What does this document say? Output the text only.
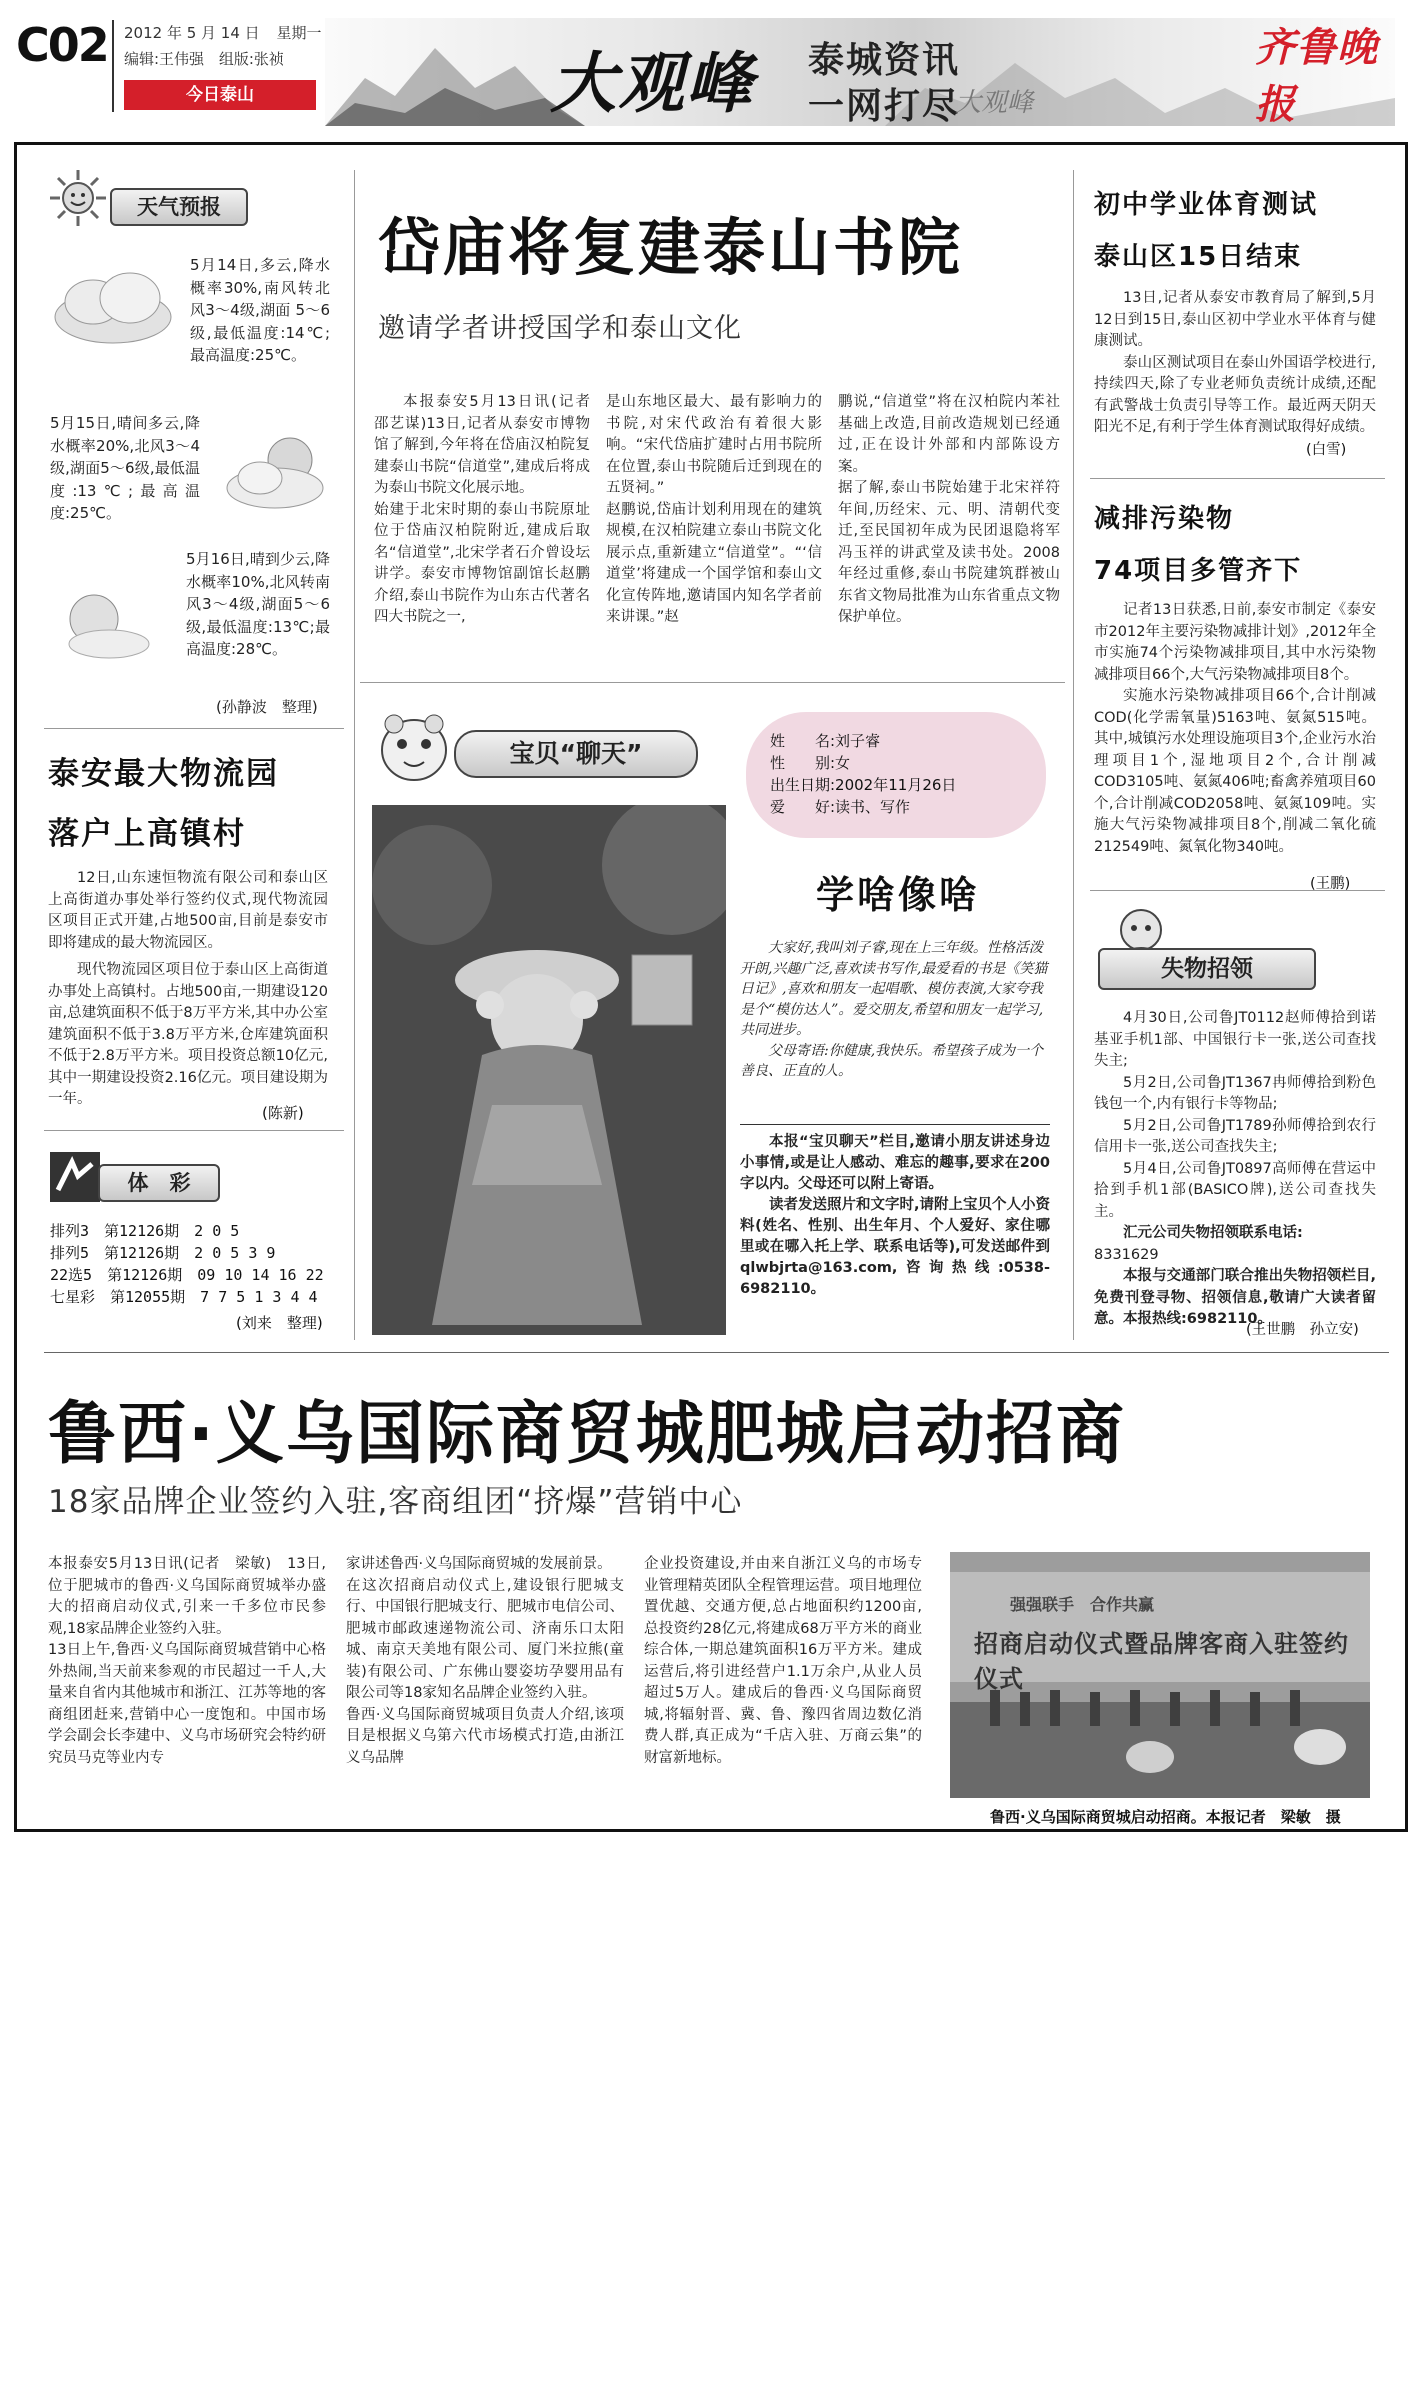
C02 2012 年 5 月 14 日 星期一
编辑:王伟强 组版:张祯
今日泰山	大观峰 泰城资讯
一网打尽
大观峰
齐鲁晚报
天气预报
5月14日,多云,降水概率30%,南风转北风3～4级,湖面 5～6级,最低温度:14℃;最高温度:25℃。
5月15日,晴间多云,降水概率20%,北风3～4级,湖面5～6级,最低温度:13℃;最高温度:25℃。
5月16日,晴到少云,降水概率10%,北风转南风3～4级,湖面5～6级,最低温度:13℃;最高温度:28℃。
(孙静波　整理)
泰安最大物流园
落户上高镇村

12日,山东速恒物流有限公司和泰山区上高街道办事处举行签约仪式,现代物流园区项目正式开建,占地500亩,目前是泰安市即将建成的最大物流园区。

现代物流园区项目位于泰山区上高街道办事处上高镇村。占地500亩,一期建设120亩,总建筑面积不低于8万平方米,其中办公室建筑面积不低于3.8万平方米,仓库建筑面积不低于2.8万平方米。项目投资总额10亿元,其中一期建设投资2.16亿元。项目建设期为一年。

(陈新)
体　彩
排列3　第12126期　2 0 5
排列5　第12126期　2 0 5 3 9
22选5　第12126期　09 10 14 16 22
七星彩　第12055期　7 7 5 1 3 4 4
(刘来　整理)
岱庙将复建泰山书院
邀请学者讲授国学和泰山文化
本报泰安5月13日讯(记者　邵艺谋)13日,记者从泰安市博物馆了解到,今年将在岱庙汉柏院复建泰山书院“信道堂”,建成后将成为泰山书院文化展示地。
始建于北宋时期的泰山书院原址位于岱庙汉柏院附近,建成后取名“信道堂”,北宋学者石介曾设坛讲学。泰安市博物馆副馆长赵鹏介绍,泰山书院作为山东古代著名四大书院之一,
是山东地区最大、最有影响力的书院,对宋代政治有着很大影响。“宋代岱庙扩建时占用书院所在位置,泰山书院随后迁到现在的五贤祠。”
赵鹏说,岱庙计划利用现在的建筑规模,在汉柏院建立泰山书院文化展示点,重新建立“信道堂”。“‘信道堂’将建成一个国学馆和泰山文化宣传阵地,邀请国内知名学者前来讲课。”赵
鹏说,“信道堂”将在汉柏院内苯社基础上改造,目前改造规划已经通过,正在设计外部和内部陈设方案。
据了解,泰山书院始建于北宋祥符年间,历经宋、元、明、清朝代变迁,至民国初年成为民团退隐将军冯玉祥的讲武堂及读书处。2008年经过重修,泰山书院建筑群被山东省文物局批准为山东省重点文物保护单位。
宝贝“聊天”	姓　　名:刘子睿
性　　别:女
出生日期:2002年11月26日
爱　　好:读书、写作
学啥像啥

大家好,我叫刘子睿,现在上三年级。性格活泼开朗,兴趣广泛,喜欢读书写作,最爱看的书是《笑猫日记》,喜欢和朋友一起唱歌、模仿表演,大家夸我是个“模仿达人”。爱交朋友,希望和朋友一起学习,共同进步。

父母寄语:你健康,我快乐。希望孩子成为一个善良、正直的人。

本报“宝贝聊天”栏目,邀请小朋友讲述身边小事情,或是让人感动、难忘的趣事,要求在200字以内。父母还可以附上寄语。

读者发送照片和文字时,请附上宝贝个人小资料(姓名、性别、出生年月、个人爱好、家住哪里或在哪入托上学、联系电话等),可发送邮件到qlwbjrta@163.com,咨询热线:0538-6982110。

初中学业体育测试
泰山区15日结束

13日,记者从泰安市教育局了解到,5月12日到15日,泰山区初中学业水平体育与健康测试。

泰山区测试项目在泰山外国语学校进行,持续四天,除了专业老师负责统计成绩,还配有武警战士负责引导等工作。最近两天阴天阳光不足,有利于学生体育测试取得好成绩。

(白雪)
减排污染物
74项目多管齐下

记者13日获悉,日前,泰安市制定《泰安市2012年主要污染物减排计划》,2012年全市实施74个污染物减排项目,其中水污染物减排项目66个,大气污染物减排项目8个。

实施水污染物减排项目66个,合计削减COD(化学需氧量)5163吨、氨氮515吨。其中,城镇污水处理设施项目3个,企业污水治理项目1个,湿地项目2个,合计削减COD3105吨、氨氮406吨;畜禽养殖项目60个,合计削减COD2058吨、氨氮109吨。实施大气污染物减排项目8个,削减二氧化硫212549吨、氮氧化物340吨。

(王鹏)
失物招领

4月30日,公司鲁JT0112赵师傅拾到诺基亚手机1部、中国银行卡一张,送公司查找失主;

5月2日,公司鲁JT1367冉师傅拾到粉色钱包一个,内有银行卡等物品;

5月2日,公司鲁JT1789孙师傅拾到农行信用卡一张,送公司查找失主;

5月4日,公司鲁JT0897高师傅在营运中拾到手机1部(BASICO牌),送公司查找失主。

汇元公司失物招领联系电话:

8331629

本报与交通部门联合推出失物招领栏目,免费刊登寻物、招领信息,敬请广大读者留意。本报热线:6982110。

(王世鹏　孙立安)
鲁西·义乌国际商贸城肥城启动招商
18家品牌企业签约入驻,客商组团“挤爆”营销中心
本报泰安5月13日讯(记者　梁敏)　13日,位于肥城市的鲁西·义乌国际商贸城举办盛大的招商启动仪式,引来一千多位市民参观,18家品牌企业签约入驻。
13日上午,鲁西·义乌国际商贸城营销中心格外热闹,当天前来参观的市民超过一千人,大量来自省内其他城市和浙江、江苏等地的客商组团赶来,营销中心一度饱和。中国市场学会副会长李建中、义乌市场研究会特约研究员马克等业内专
家讲述鲁西·义乌国际商贸城的发展前景。
在这次招商启动仪式上,建设银行肥城支行、中国银行肥城支行、肥城市电信公司、肥城市邮政速递物流公司、济南乐口太阳城、南京天美地有限公司、厦门米拉熊(童装)有限公司、广东佛山婴姿坊孕婴用品有限公司等18家知名品牌企业签约入驻。
鲁西·义乌国际商贸城项目负责人介绍,该项目是根据义乌第六代市场模式打造,由浙江义乌品牌
企业投资建设,并由来自浙江义乌的市场专业管理精英团队全程管理运营。项目地理位置优越、交通方便,总占地面积约1200亩,总投资约28亿元,将建成68万平方米的商业综合体,一期总建筑面积16万平方米。建成运营后,将引进经营户1.1万余户,从业人员超过5万人。建成后的鲁西·义乌国际商贸城,将辐射晋、冀、鲁、豫四省周边数亿消费人群,真正成为“千店入驻、万商云集”的财富新地标。
强强联手　合作共赢
招商启动仪式暨品牌客商入驻签约仪式
鲁西·义乌国际商贸城启动招商。本报记者　梁敏　摄
